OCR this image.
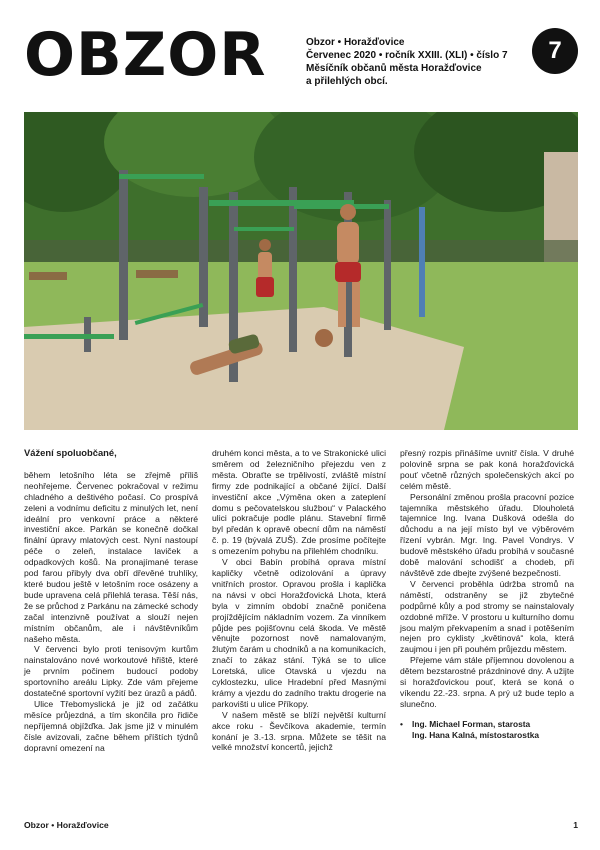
OBZOR	Obzor • Horažďovice
Červenec 2020 • ročník XXIII. (XLI) • číslo 7
Měsíčník občanů města Horažďovice
a přilehlých obcí.
7

Vážení spoluobčané,

během letošního léta se zřejmě příliš neohřejeme. Červenec pokračoval v režimu chladného a deštivého počasí. Co prospívá zeleni a vodnímu deficitu z minulých let, není ideální pro venkovní práce a některé investiční akce. Parkán se konečně dočkal finální úpravy mlatových cest. Nyní nastoupí péče o zeleň, instalace laviček a odpadkových košů. Na pronajímané terase pod farou přibyly dva obří dřevěné truhlíky, které budou ještě v letošním roce osázeny a bude upravena celá přilehlá terasa. Těší nás, že se průchod z Parkánu na zámecké schody začal intenzivně používat a slouží nejen místním občanům, ale i návštěvníkům našeho města.

V červenci bylo proti tenisovým kurtům nainstalováno nové workoutové hřiště, které je prvním počinem budoucí podoby sportovního areálu Lipky. Zde vám přejeme dostatečné sportovní vyžití bez úrazů a pádů.

Ulice Třebomyslická je již od začátku měsíce průjezdná, a tím skončila pro řidiče nepříjemná objížďka. Jak jsme již v minulém čísle avizovali, začne během příštích týdnů dopravní omezení na

druhém konci města, a to ve Strakonické ulici směrem od železničního přejezdu ven z města. Obraťte se trpělivostí, zvláště místní firmy zde podnikající a občané žijící. Další investiční akce „Výměna oken a zateplení domu s pečovatelskou službou“ v Palackého ulici pokračuje podle plánu. Stavební firmě byl předán k opravě obecní dům na náměstí č. p. 19 (bývalá ZUŠ). Zde prosíme počítejte s omezením pohybu na přilehlém chodníku.

V obci Babín probíhá oprava místní kapličky včetně odizolování a úpravy vnitřních prostor. Opravou prošla i kaplička na návsi v obci Horažďovická Lhota, která byla v zimním období značně poničena projíždějícím nákladním vozem. Za vinníkem půjde pes pojišťovnu celá škoda. Ve městě věnujte pozornost nově namalovaným, žlutým čarám u chodníků a na komunikacích, značí to zákaz stání. Týká se to ulice Loretská, ulice Otavská u vjezdu na cyklostezku, ulice Hradební před Masnými krámy a vjezdu do zadního traktu drogerie na parkovišti u ulice Příkopy.

V našem městě se blíží největší kulturní akce roku - Ševčíkova akademie, termín konání je 3.-13. srpna. Můžete se těšit na velké množství koncertů, jejichž

přesný rozpis přinášíme uvnitř čísla. V druhé polovině srpna se pak koná horažďovická pouť včetně různých společenských akcí po celém městě.

Personální změnou prošla pracovní pozice tajemníka městského úřadu. Dlouholetá tajemnice Ing. Ivana Dušková odešla do důchodu a na její místo byl ve výběrovém řízení vybrán. Mgr. Ing. Pavel Vondrys. V budově městského úřadu probíhá v současné době malování schodišť a chodeb, při návštěvě zde dbejte zvýšené bezpečnosti.

V červenci proběhla údržba stromů na náměstí, odstraněny se již zbytečné podpůrné kůly a pod stromy se nainstalovaly ozdobné mříže. V prostoru u kulturního domu jsou malým překvapením a snad i potěšením nejen pro cyklisty „květinová“ kola, která zaujmou i jen při pouhém průjezdu městem.

Přejeme vám stále příjemnou dovolenou a dětem bezstarostné prázdninové dny. A užijte si horažďovickou pouť, která se koná o víkendu 22.-23. srpna. A prý už bude teplo a slunečno.

•	Ing. Michael Forman, starosta
Ing. Hana Kalná, místostarostka
Obzor • Horažďovice	1
